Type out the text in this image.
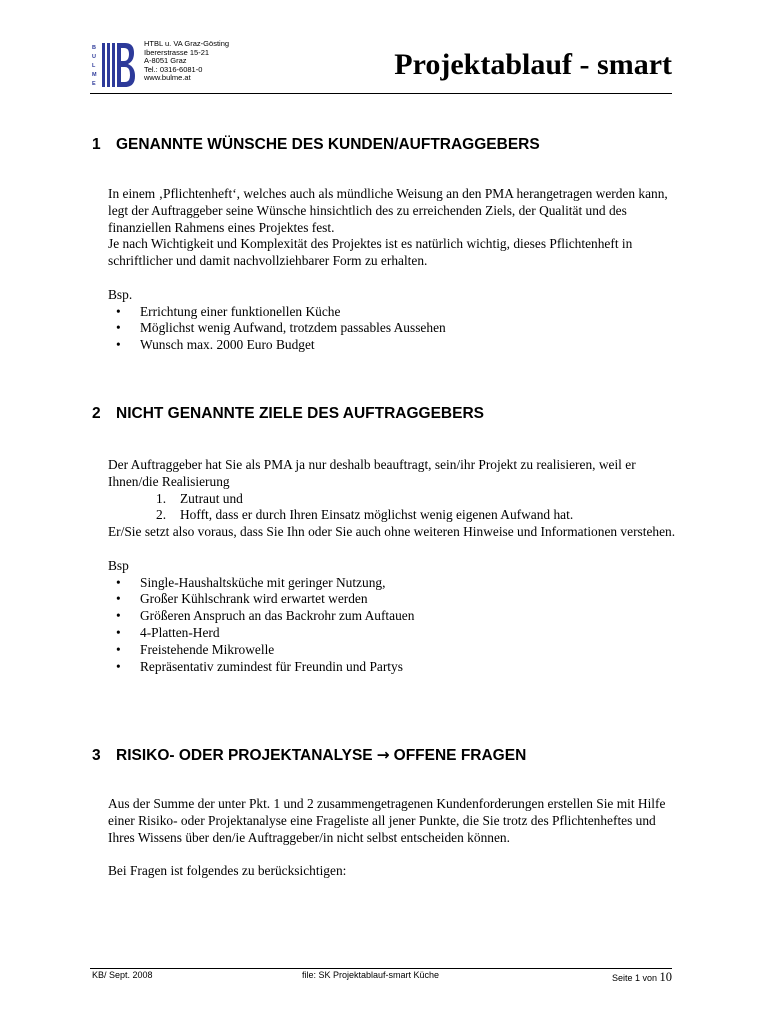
B
U
L
M
E
HTBL u. VA Graz-Gösting
Ibererstrasse 15-21
A-8051 Graz
Tel.: 0316-6081-0
www.bulme.at	Projektablauf - smart
1 GENANNTE WÜNSCHE DES KUNDEN/AUFTRAGGEBERS

In einem ‚Pflichtenheft‘, welches auch als mündliche Weisung an den PMA herangetragen werden kann, legt der Auftraggeber seine Wünsche hinsichtlich des zu erreichenden Ziels, der Qualität und des finanziellen Rahmens eines Projektes fest.

Je nach Wichtigkeit und Komplexität des Projektes ist es natürlich wichtig, dieses Pflichtenheft in schriftlicher und damit nachvollziehbarer Form zu erhalten.

Bsp.

• Errichtung einer funktionellen Küche
• Möglichst wenig Aufwand, trotzdem passables Aussehen
• Wunsch max. 2000 Euro Budget
2 NICHT GENANNTE ZIELE DES AUFTRAGGEBERS

Der Auftraggeber hat Sie als PMA ja nur deshalb beauftragt, sein/ihr Projekt zu realisieren, weil er Ihnen/die Realisierung

1. Zutraut und
2. Hofft, dass er durch Ihren Einsatz möglichst wenig eigenen Aufwand hat.

Er/Sie setzt also voraus, dass Sie Ihn oder Sie auch ohne weiteren Hinweise und Informationen verstehen.

Bsp

• Single-Haushaltsküche mit geringer Nutzung,
• Großer Kühlschrank wird erwartet werden
• Größeren Anspruch an das Backrohr zum Auftauen
• 4-Platten-Herd
• Freistehende Mikrowelle
• Repräsentativ zumindest für Freundin und Partys
3 RISIKO- ODER PROJEKTANALYSE → OFFENE FRAGEN

Aus der Summe der unter Pkt. 1 und 2 zusammengetragenen Kundenforderungen erstellen Sie mit Hilfe einer Risiko- oder Projektanalyse eine Frageliste all jener Punkte, die Sie trotz des Pflichtenheftes und Ihres Wissens über den/ie Auftraggeber/in nicht selbst entscheiden können.

Bei Fragen ist folgendes zu berücksichtigen:

KB/ Sept. 2008	file: SK Projektablauf-smart Küche	Seite 1 von 10
